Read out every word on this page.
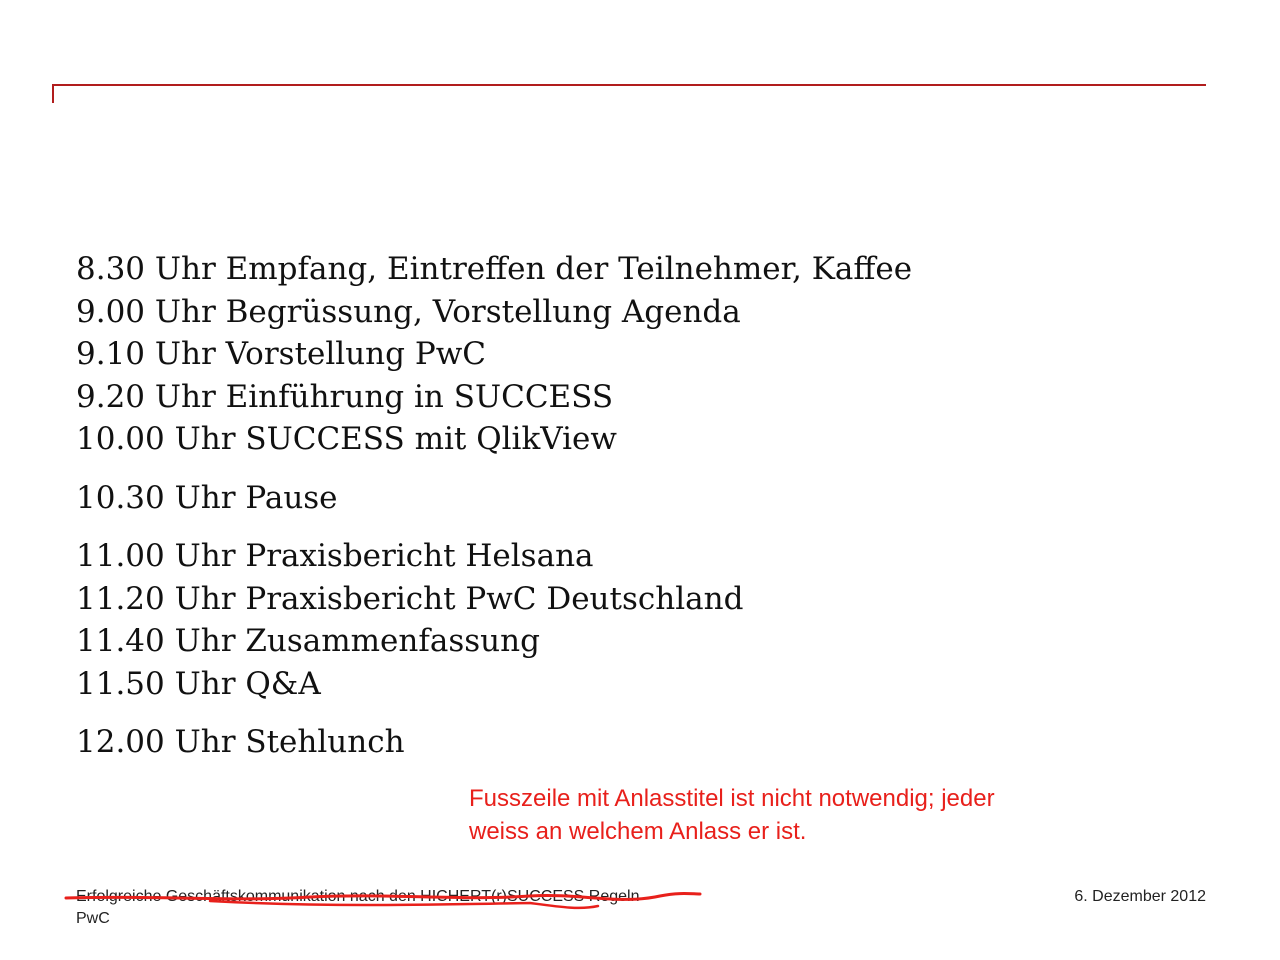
8.30 Uhr Empfang, Eintreffen der Teilnehmer, Kaffee
9.00 Uhr Begrüssung, Vorstellung Agenda
9.10 Uhr Vorstellung PwC
9.20 Uhr Einführung in SUCCESS
10.00 Uhr SUCCESS mit QlikView
10.30 Uhr Pause
11.00 Uhr Praxisbericht Helsana
11.20 Uhr Praxisbericht PwC Deutschland
11.40 Uhr Zusammenfassung
11.50 Uhr Q&A
12.00 Uhr Stehlunch
Fusszeile mit Anlasstitel ist nicht notwendig; jeder
weiss an welchem Anlass er ist.
Erfolgreiche Geschäftskommunikation nach den HICHERT(r)SUCCESS Regeln
PwC
6. Dezember 2012
